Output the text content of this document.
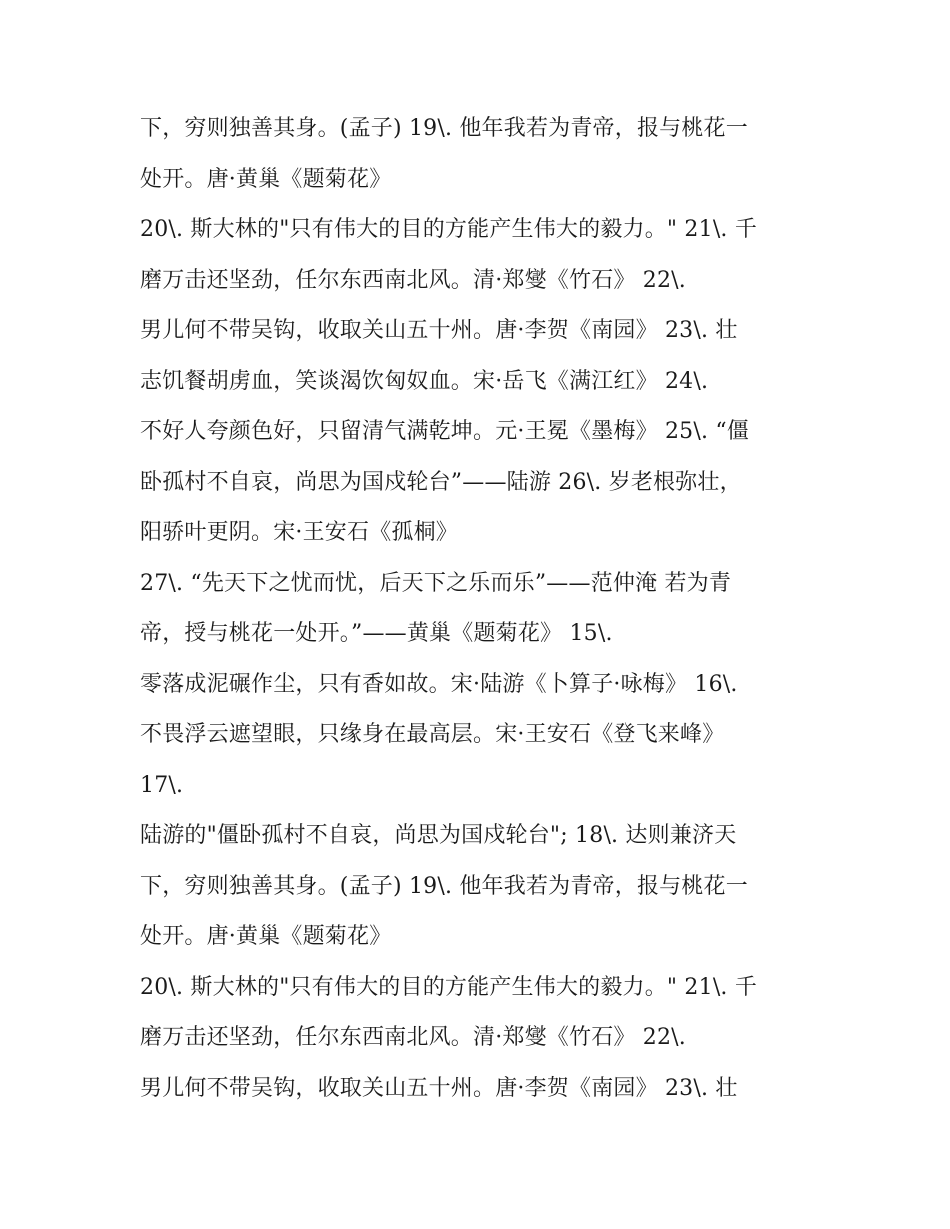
下，穷则独善其身。(孟子) 19\. 他年我若为青帝，报与桃花一
处开。唐·黄巢《题菊花》
20\. 斯大林的"只有伟大的目的方能产生伟大的毅力。" 21\. 千
磨万击还坚劲，任尔东西南北风。清·郑燮《竹石》 22\.
男儿何不带吴钩，收取关山五十州。唐·李贺《南园》 23\. 壮
志饥餐胡虏血，笑谈渴饮匈奴血。宋·岳飞《满江红》 24\.
不好人夸颜色好，只留清气满乾坤。元·王冕《墨梅》 25\. “僵
卧孤村不自哀，尚思为国戍轮台”——陆游 26\. 岁老根弥壮，
阳骄叶更阴。宋·王安石《孤桐》
27\. “先天下之忧而忧，后天下之乐而乐”——范仲淹 若为青
帝，授与桃花一处开。”——黄巢《题菊花》 15\.
零落成泥碾作尘，只有香如故。宋·陆游《卜算子·咏梅》 16\.
不畏浮云遮望眼，只缘身在最高层。宋·王安石《登飞来峰》
17\.
陆游的"僵卧孤村不自哀，尚思为国戍轮台"; 18\. 达则兼济天
下，穷则独善其身。(孟子) 19\. 他年我若为青帝，报与桃花一
处开。唐·黄巢《题菊花》
20\. 斯大林的"只有伟大的目的方能产生伟大的毅力。" 21\. 千
磨万击还坚劲，任尔东西南北风。清·郑燮《竹石》 22\.
男儿何不带吴钩，收取关山五十州。唐·李贺《南园》 23\. 壮
